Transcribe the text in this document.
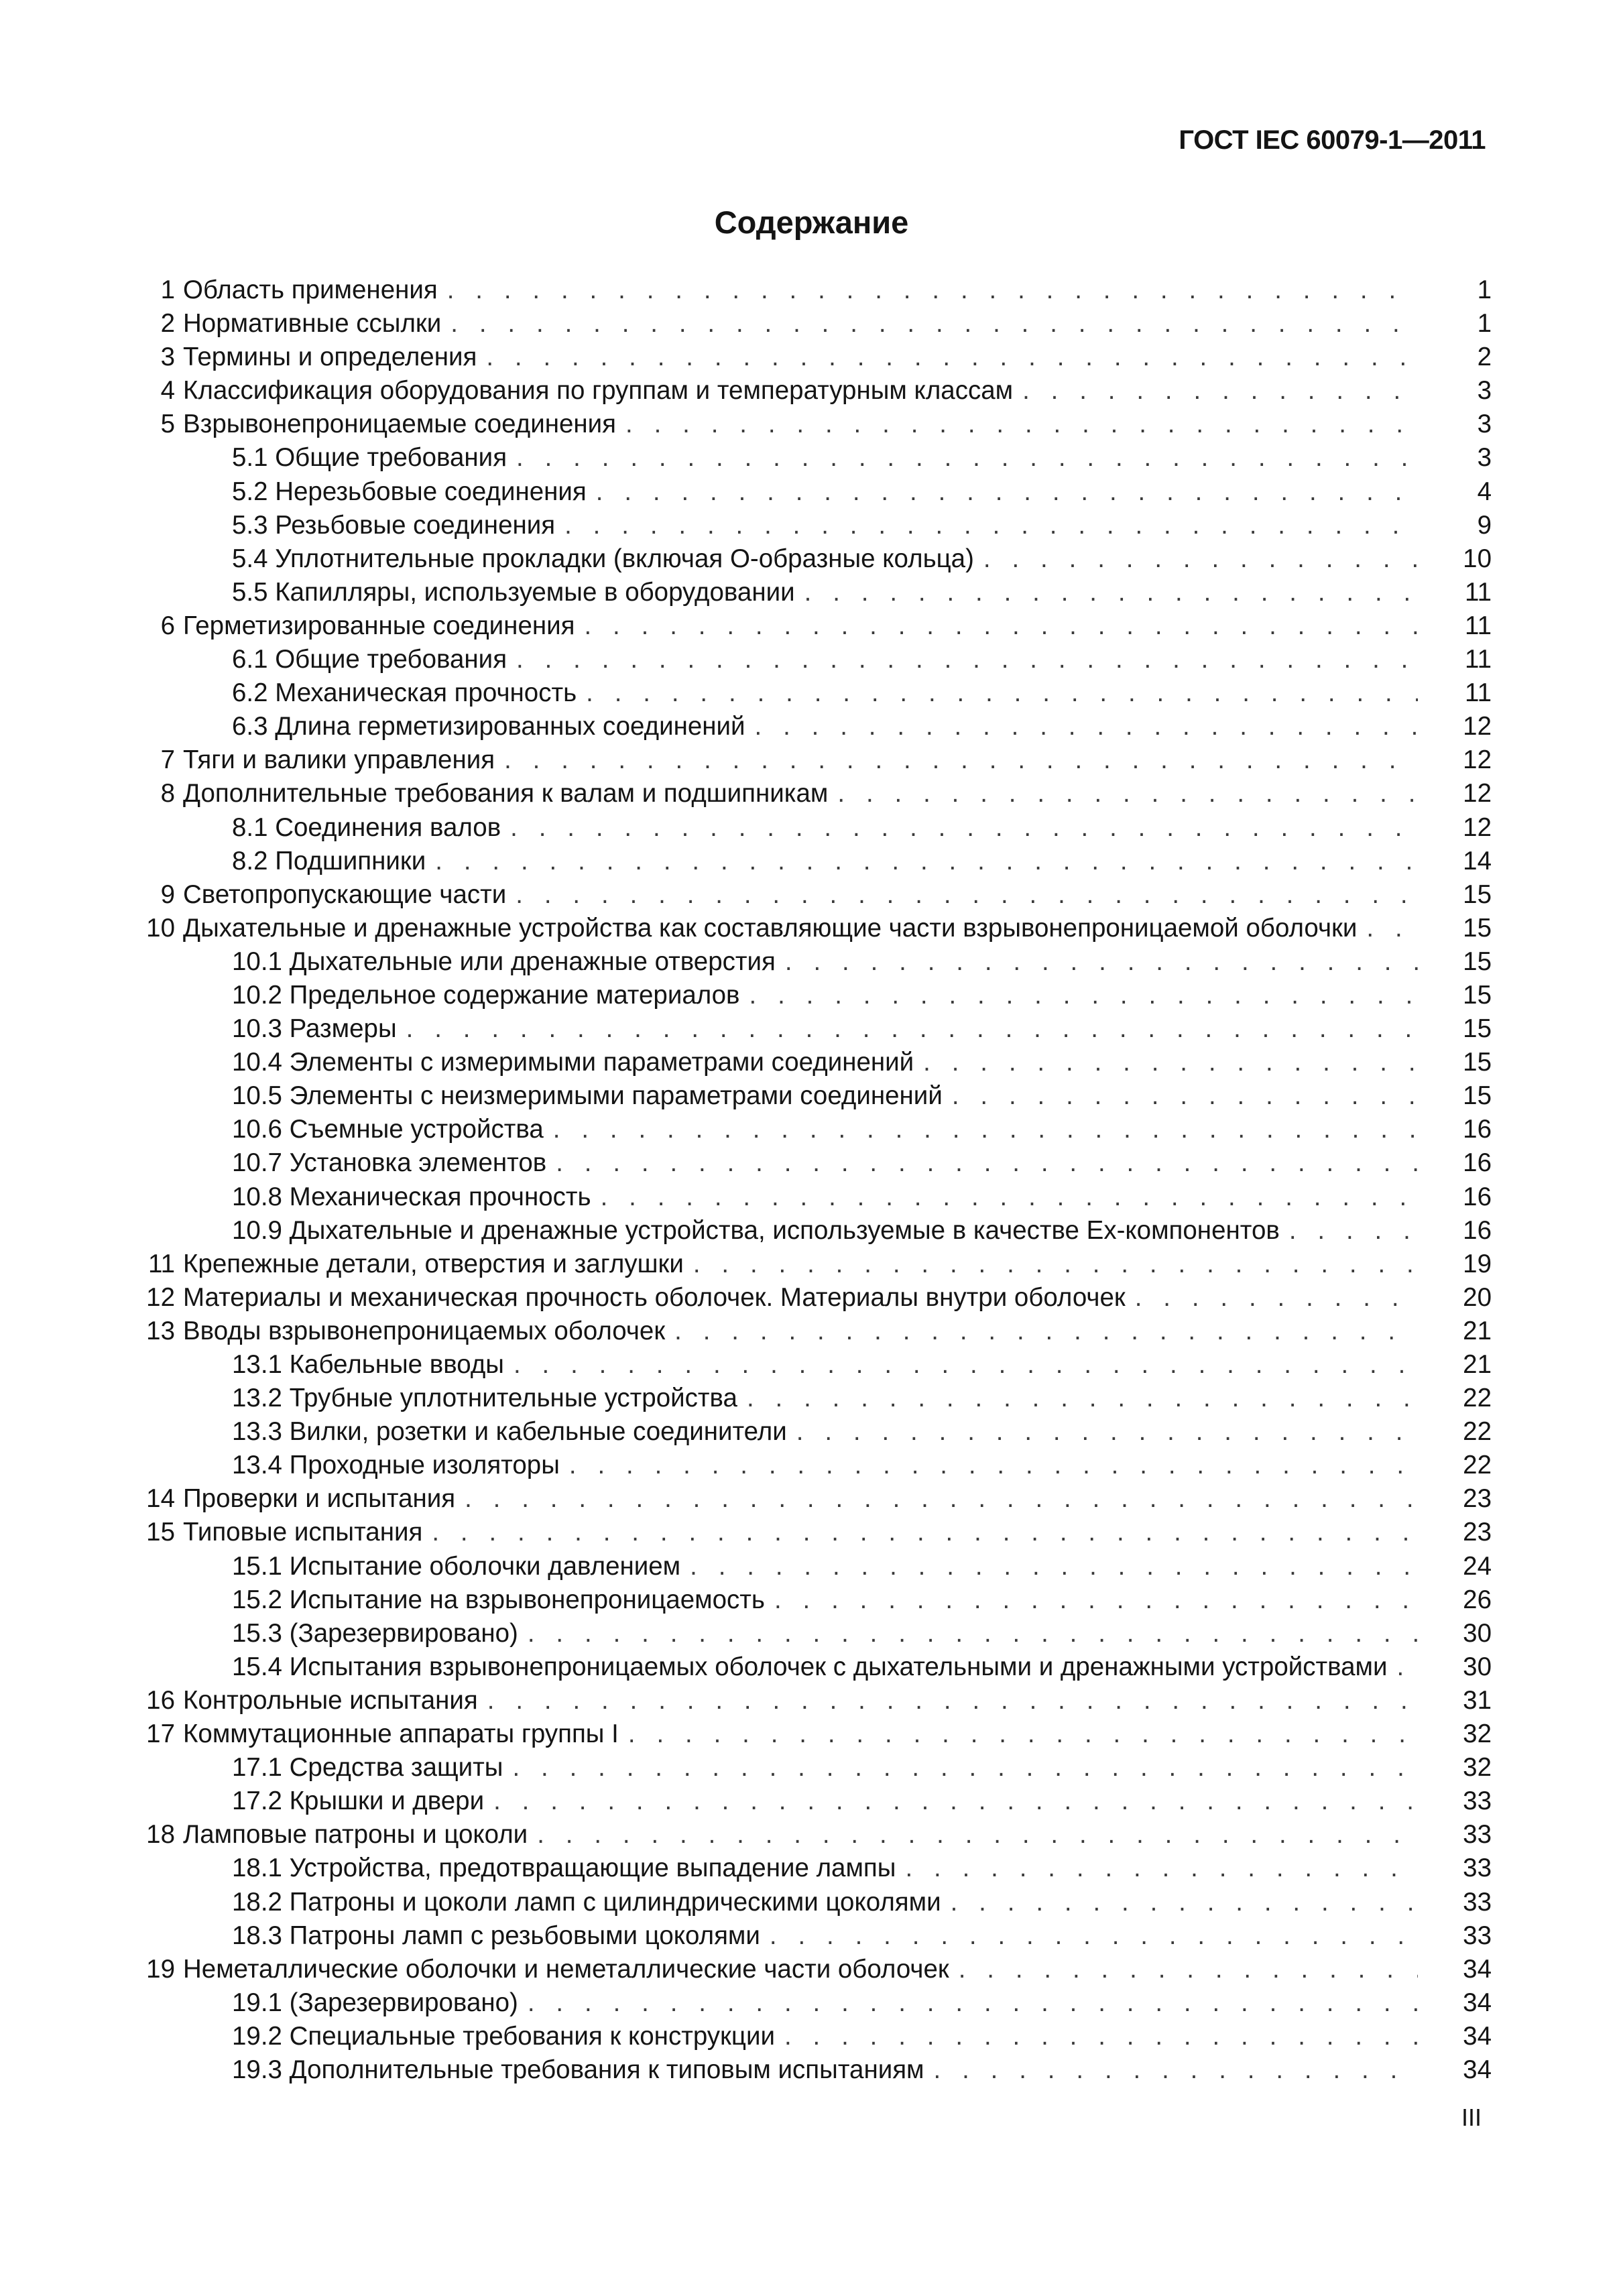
ГОСТ IEC 60079-1—2011
Содержание
1 Область применения . . .	1
2 Нормативные ссылки . . .	1
3 Термины и определения . . .	2
4 Классификация оборудования по группам и температурным классам . . .	3
5 Взрывонепроницаемые соединения . . .	3
5.1 Общие требования . . .	3
5.2 Нерезьбовые соединения . . .	4
5.3 Резьбовые соединения . . .	9
5.4 Уплотнительные прокладки (включая О-образные кольца) . . .	10
5.5 Капилляры, используемые в оборудовании . . .	11
6 Герметизированные соединения . . .	11
6.1 Общие требования . . .	11
6.2 Механическая прочность . . .	11
6.3 Длина герметизированных соединений . . .	12
7 Тяги и валики управления . . .	12
8 Дополнительные требования к валам и подшипникам . . .	12
8.1 Соединения валов . . .	12
8.2 Подшипники . . .	14
9 Светопропускающие части . . .	15
10 Дыхательные и дренажные устройства как составляющие части взрывонепроницаемой оболочки . . .	15
10.1 Дыхательные или дренажные отверстия . . .	15
10.2 Предельное содержание материалов . . .	15
10.3 Размеры . . .	15
10.4 Элементы с измеримыми параметрами соединений . . .	15
10.5 Элементы с неизмеримыми параметрами соединений . . .	15
10.6 Съемные устройства . . .	16
10.7 Установка элементов . . .	16
10.8 Механическая прочность . . .	16
10.9 Дыхательные и дренажные устройства, используемые в качестве Ex-компонентов . . .	16
11 Крепежные детали, отверстия и заглушки . . .	19
12 Материалы и механическая прочность оболочек. Материалы внутри оболочек . . .	20
13 Вводы взрывонепроницаемых оболочек . . .	21
13.1 Кабельные вводы . . .	21
13.2 Трубные уплотнительные устройства . . .	22
13.3 Вилки, розетки и кабельные соединители . . .	22
13.4 Проходные изоляторы . . .	22
14 Проверки и испытания . . .	23
15 Типовые испытания . . .	23
15.1 Испытание оболочки давлением . . .	24
15.2 Испытание на взрывонепроницаемость . . .	26
15.3 (Зарезервировано) . . .	30
15.4 Испытания взрывонепроницаемых оболочек с дыхательными и дренажными устройствами . . .	30
16 Контрольные испытания . . .	31
17 Коммутационные аппараты группы I . . .	32
17.1 Средства защиты . . .	32
17.2 Крышки и двери . . .	33
18 Ламповые патроны и цоколи . . .	33
18.1 Устройства, предотвращающие выпадение лампы . . .	33
18.2 Патроны и цоколи ламп с цилиндрическими цоколями . . .	33
18.3 Патроны ламп с резьбовыми цоколями . . .	33
19 Неметаллические оболочки и неметаллические части оболочек . . .	34
19.1 (Зарезервировано) . . .	34
19.2 Специальные требования к конструкции . . .	34
19.3 Дополнительные требования к типовым испытаниям . . .	34
III
